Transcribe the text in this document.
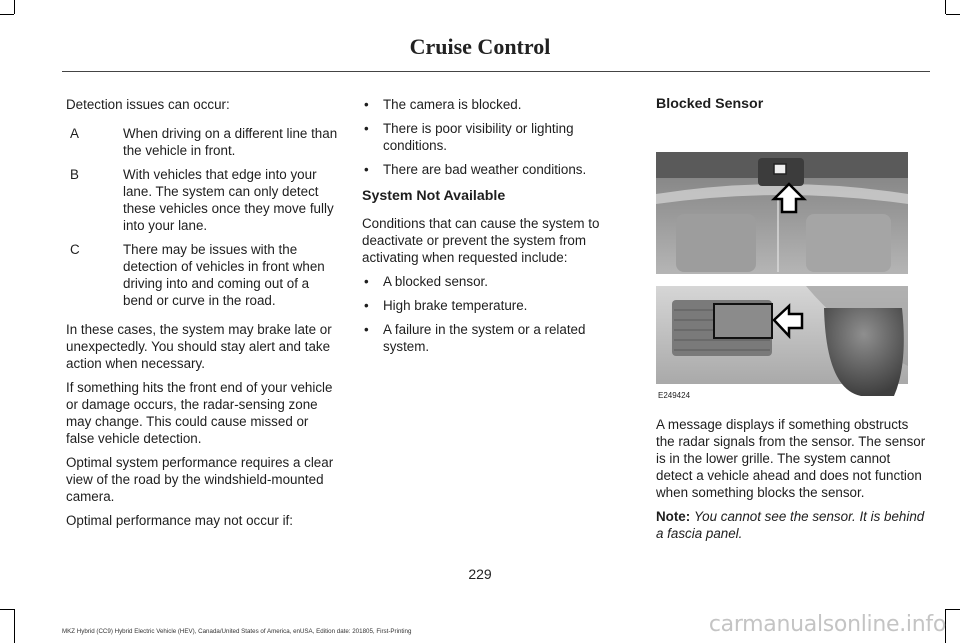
Cruise Control

Detection issues can occur:

A	When driving on a different line than the vehicle in front.
B	With vehicles that edge into your lane. The system can only detect these vehicles once they move fully into your lane.
C	There may be issues with the detection of vehicles in front when driving into and coming out of a bend or curve in the road.

In these cases, the system may brake late or unexpectedly. You should stay alert and take action when necessary.

If something hits the front end of your vehicle or damage occurs, the radar-sensing zone may change. This could cause missed or false vehicle detection.

Optimal system performance requires a clear view of the road by the windshield-mounted camera.

Optimal performance may not occur if:

• The camera is blocked.
• There is poor visibility or lighting conditions.
• There are bad weather conditions.
System Not Available

Conditions that can cause the system to deactivate or prevent the system from activating when requested include:

• A blocked sensor.
• High brake temperature.
• A failure in the system or a related system.
Blocked Sensor
E249424

A message displays if something obstructs the radar signals from the sensor. The sensor is in the lower grille. The system cannot detect a vehicle ahead and does not function when something blocks the sensor.

Note: You cannot see the sensor. It is behind a fascia panel.

229
MKZ Hybrid (CC9) Hybrid Electric Vehicle (HEV), Canada/United States of America, enUSA, Edition date: 201805, First-Printing	carmanualsonline.info
